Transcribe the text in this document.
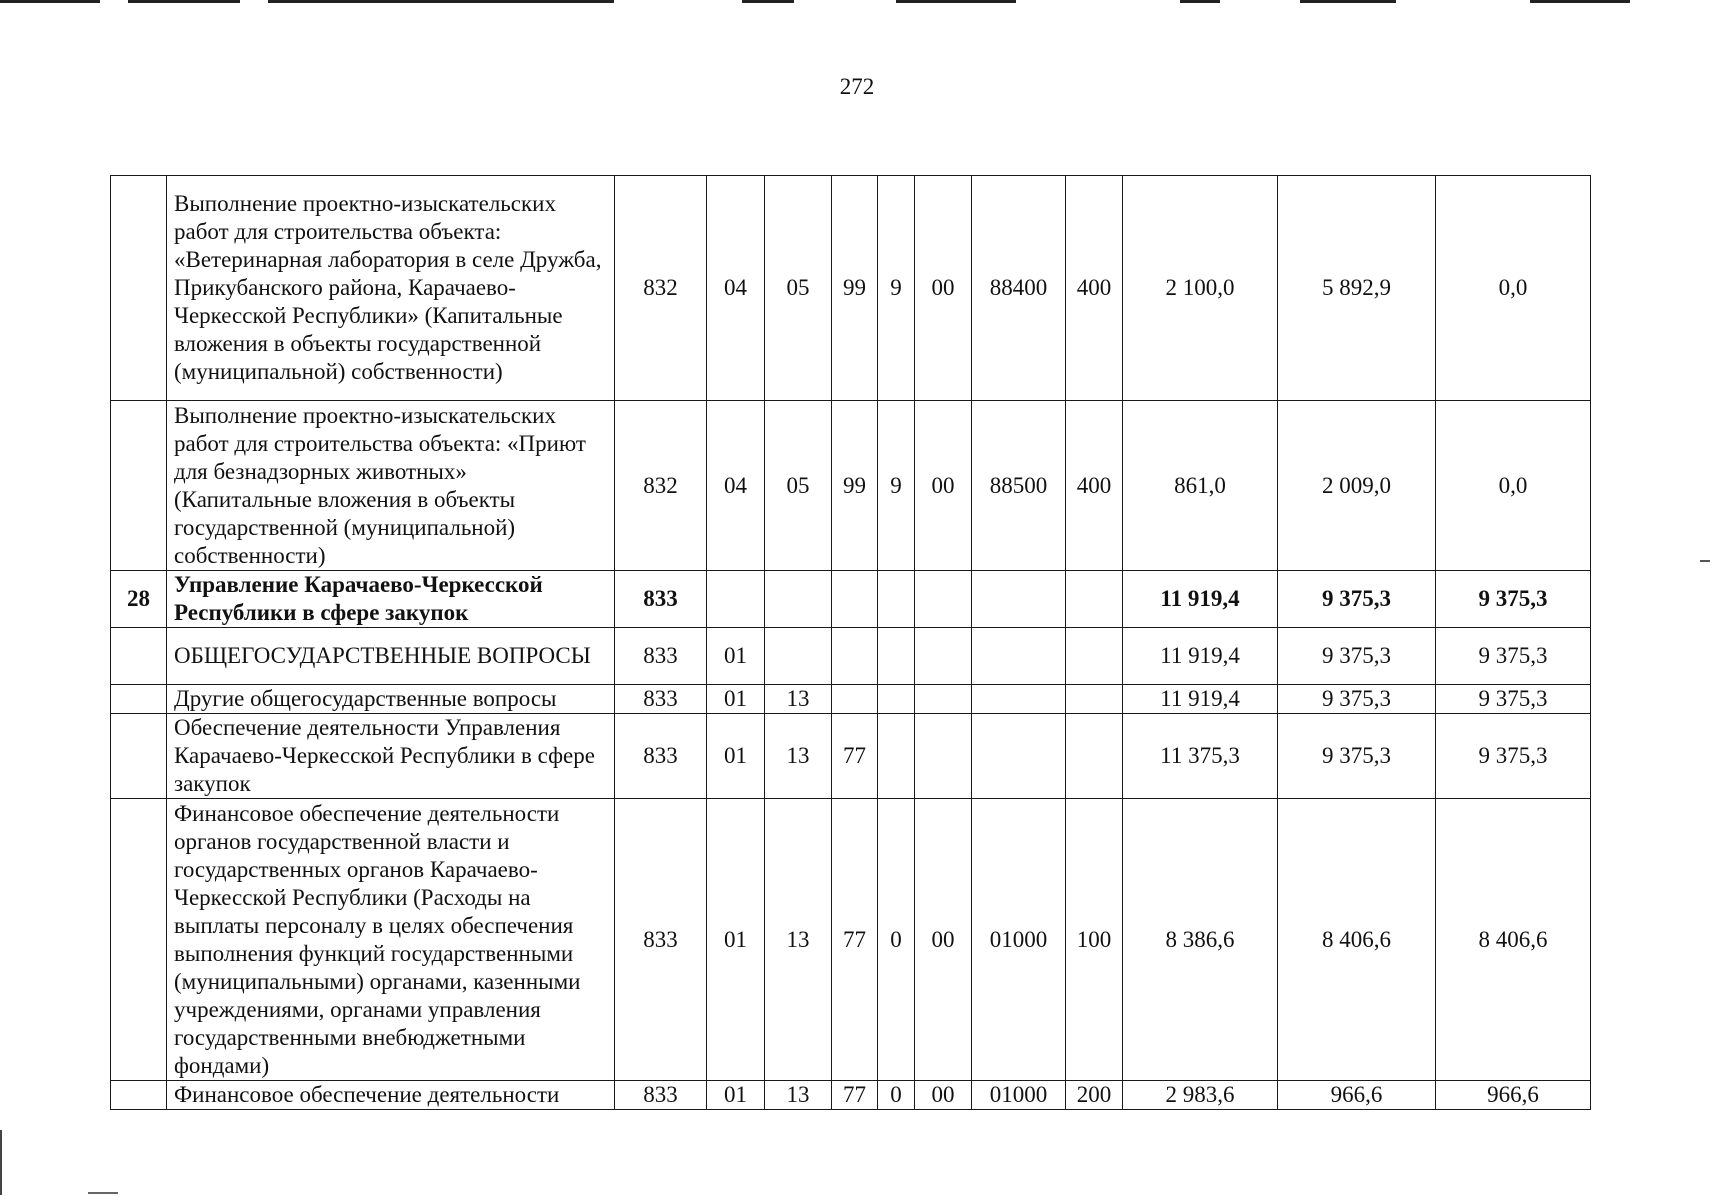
272
	Выполнение проектно-изыскательских работ для строительства объекта: «Ветеринарная лаборатория в селе Дружба, Прикубанского района, Карачаево-Черкесской Республики» (Капитальные вложения в объекты государственной (муниципальной) собственности)	832	04	05	99	9	00	88400	400	2 100,0	5 892,9	0,0
	Выполнение проектно-изыскательских работ для строительства объекта: «Приют для безнадзорных животных» (Капитальные вложения в объекты государственной (муниципальной) собственности)	832	04	05	99	9	00	88500	400	861,0	2 009,0	0,0
28	Управление Карачаево-Черкесской Республики в сфере закупок	833								11 919,4	9 375,3	9 375,3
	ОБЩЕГОСУДАРСТВЕННЫЕ ВОПРОСЫ	833	01							11 919,4	9 375,3	9 375,3
	Другие общегосударственные вопросы	833	01	13						11 919,4	9 375,3	9 375,3
	Обеспечение деятельности Управления Карачаево-Черкесской Республики в сфере закупок	833	01	13	77					11 375,3	9 375,3	9 375,3
	Финансовое обеспечение деятельности органов государственной власти и государственных органов Карачаево-Черкесской Республики (Расходы на выплаты персоналу в целях обеспечения выполнения функций государственными (муниципальными) органами, казенными учреждениями, органами управления государственными внебюджетными фондами)	833	01	13	77	0	00	01000	100	8 386,6	8 406,6	8 406,6
	Финансовое обеспечение деятельности	833	01	13	77	0	00	01000	200	2 983,6	966,6	966,6
